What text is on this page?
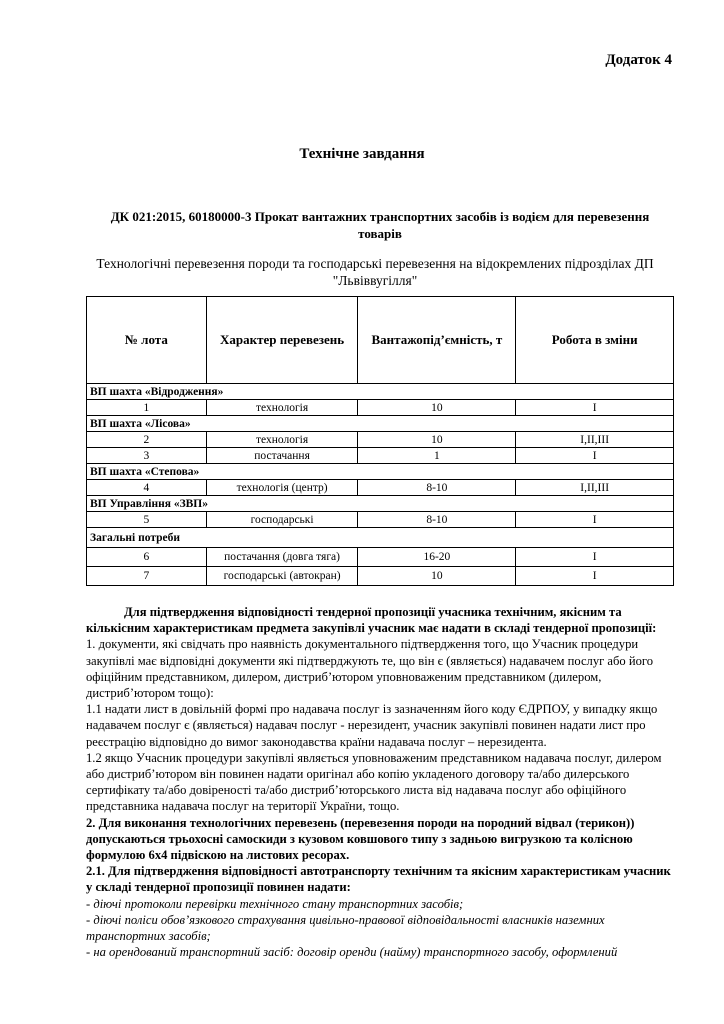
Додаток 4
Технічне завдання
ДК 021:2015, 60180000-3 Прокат вантажних транспортних засобів із водієм для перевезення товарів
Технологічні перевезення породи та господарські перевезення на відокремлених підрозділах ДП "Львіввугілля"
№ лота	Характер перевезень	Вантажопід’ємність, т	Робота в зміни
ВП шахта «Відродження»			
1	технологія	10	I
ВП шахта «Лісова»			
2	технологія	10	I,II,III
3	постачання	1	I
ВП шахта «Степова»			
4	технологія (центр)	8-10	I,II,III
ВП Управління «ЗВП»			
5	господарські	8-10	I
Загальні потреби			
6	постачання (довга тяга)	16-20	I
7	господарські (автокран)	10	I

Для підтвердження відповідності тендерної пропозиції учасника технічним, якісним та кількісним характеристикам предмета закупівлі учасник має надати в складі тендерної пропозиції:

1. документи, які свідчать про наявність документального підтвердження того, що Учасник процедури закупівлі має відповідні документи які підтверджують те, що він є (являється) надавачем послуг або його офіційним представником, дилером, дистриб’ютором уповноваженим представником (дилером, дистриб’ютором тощо):

1.1 надати лист в довільній формі про надавача послуг із зазначенням його коду ЄДРПОУ, у випадку якщо надавачем послуг є (являється) надавач послуг - нерезидент, учасник закупівлі повинен надати лист про реєстрацію відповідно до вимог законодавства країни надавача послуг – нерезидента.

1.2 якщо Учасник процедури закупівлі являється уповноваженим представником надавача послуг, дилером або дистриб’ютором він повинен надати оригінал або копію укладеного договору та/або дилерського сертифікату та/або довіреності та/або дистриб’юторського листа від надавача послуг або офіційного представника надавача послуг на території України, тощо.

2. Для виконання технологічних перевезень (перевезення породи на породний відвал (терикон)) допускаються трьохосні самоскиди з кузовом ковшового типу з задньою вигрузкою та колісною формулою 6х4 підвіскою на листових ресорах.

2.1. Для підтвердження відповідності автотранспорту технічним та якісним характеристикам учасник у складі тендерної пропозиції повинен надати:

- діючі протоколи перевірки технічного стану транспортних засобів;

- діючі поліси обов’язкового страхування цивільно-правової відповідальності власників наземних транспортних засобів;

- на орендований транспортний засіб: договір оренди (найму) транспортного засобу, оформлений
